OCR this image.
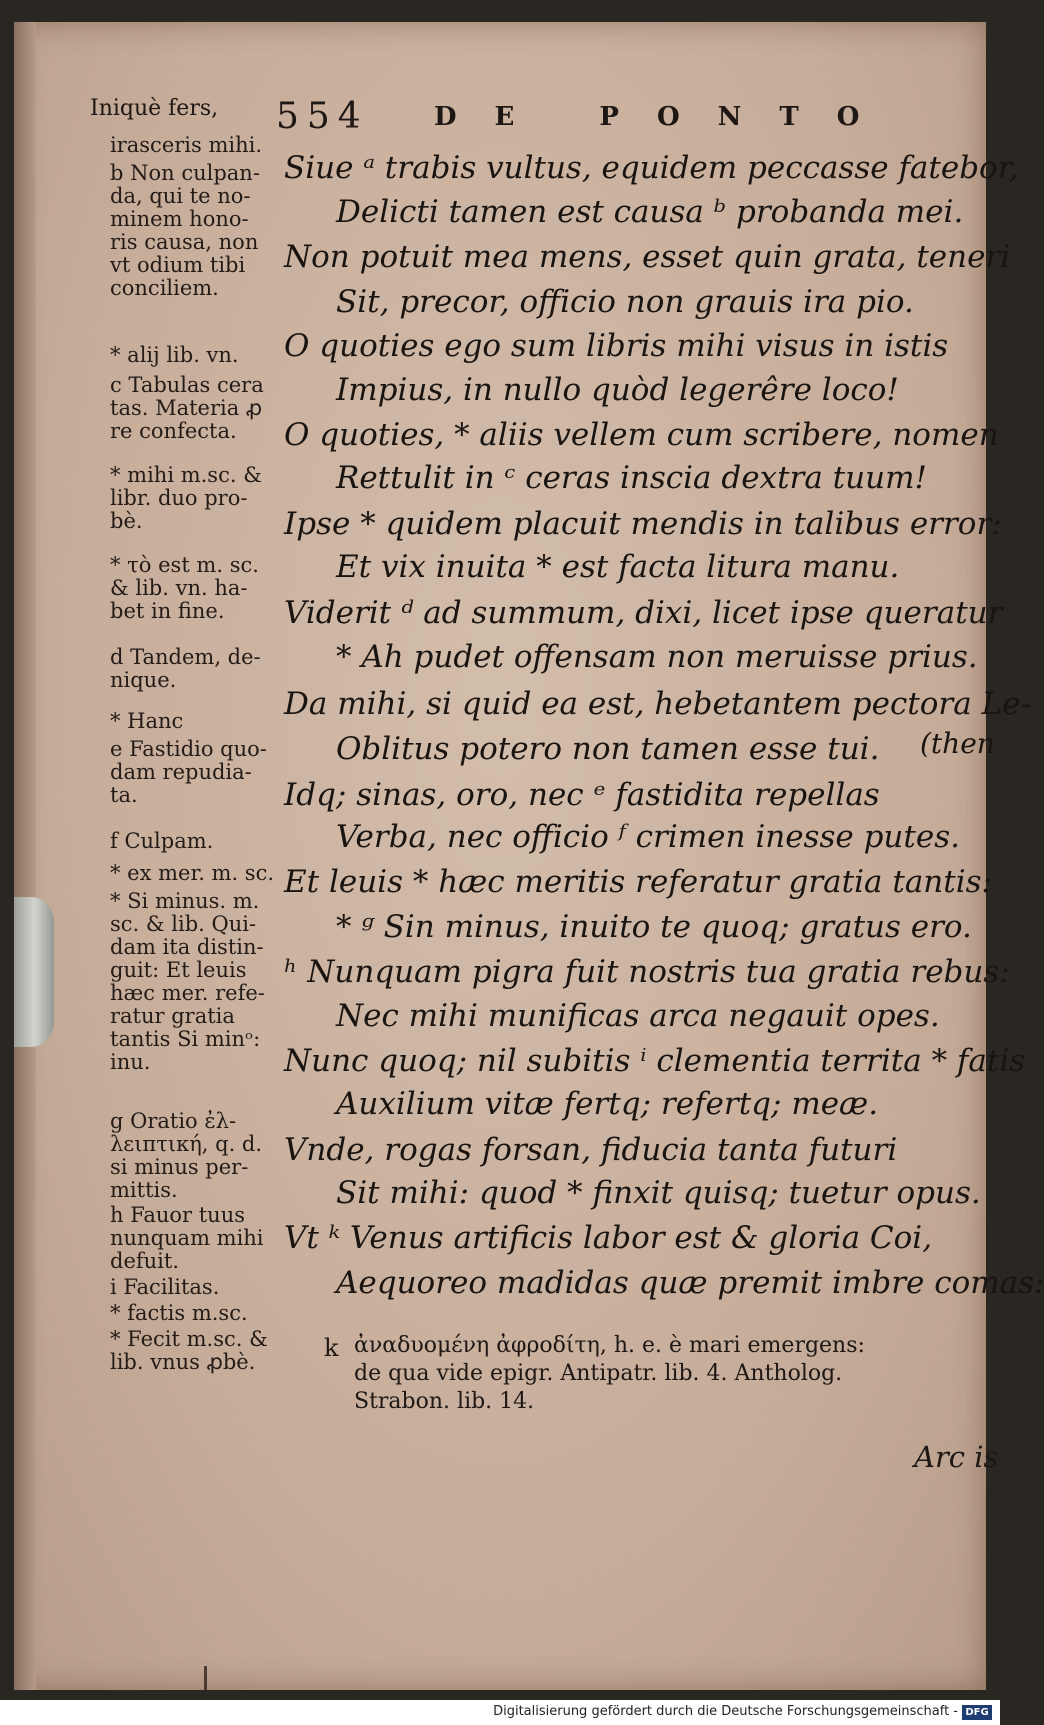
Iniquè fers, 554	DE PONTO
Siue ᵃ trabis vultus, equidem peccasse fatebor,
Delicti tamen est causa ᵇ probanda mei.
Non potuit mea mens, esset quin grata, teneri
Sit, precor, officio non grauis ira pio.
O quoties ego sum libris mihi visus in istis
Impius, in nullo quòd legerêre loco!
O quoties, * aliis vellem cum scribere, nomen
Rettulit in ᶜ ceras inscia dextra tuum!
Ipse * quidem placuit mendis in talibus error:
Et vix inuita * est facta litura manu.
Viderit ᵈ ad summum, dixi, licet ipse queratur
* Ah pudet offensam non meruisse prius.
Da mihi, si quid ea est, hebetantem pectora Le-
Oblitus potero non tamen esse tui. (then
Idq; sinas, oro, nec ᵉ fastidita repellas
Verba, nec officio ᶠ crimen inesse putes.
Et leuis * hæc meritis referatur gratia tantis:
* ᵍ Sin minus, inuito te quoq; gratus ero.
ʰ Nunquam pigra fuit nostris tua gratia rebus:
Nec mihi munificas arca negauit opes.
Nunc quoq; nil subitis ⁱ clementia territa * fatis
Auxilium vitæ fertq; refertq; meæ.
Vnde, rogas forsan, fiducia tanta futuri
Sit mihi: quod * finxit quisq; tuetur opus.
Vt ᵏ Venus artificis labor est & gloria Coi,
Aequoreo madidas quæ premit imbre comas:
irasceris mihi.
b Non culpan-
da, qui te no-
minem hono-
ris causa, non
vt odium tibi
conciliem.
* alij lib. vn.
c Tabulas cera
tas. Materia ꝓ
re confecta.
* mihi m.sc. &
libr. duo pro-
bè.
* τὸ est m. sc.
& lib. vn. ha-
bet in fine.
d Tandem, de-
nique.
* Hanc
e Fastidio quo-
dam repudia-
ta.
f Culpam.
* ex mer. m. sc.
* Si minus. m.
sc. & lib. Qui-
dam ita distin-
guit: Et leuis
hæc mer. refe-
ratur gratia
tantis Si minᵒ:
inu.
g Oratio ἐλ-
λειπτική, q. d.
si minus per-
mittis.
h Fauor tuus
nunquam mihi
defuit.
i Facilitas.
* factis m.sc.
* Fecit m.sc. &
lib. vnus ꝓbè.	k ἀναδυομένη ἀφροδίτη, h. e. è mari emergens:
de qua vide epigr. Antipatr. lib. 4. Antholog.
Strabon. lib. 14.
Arc is
Digitalisierung gefördert durch die Deutsche Forschungsgemeinschaft - DFG
